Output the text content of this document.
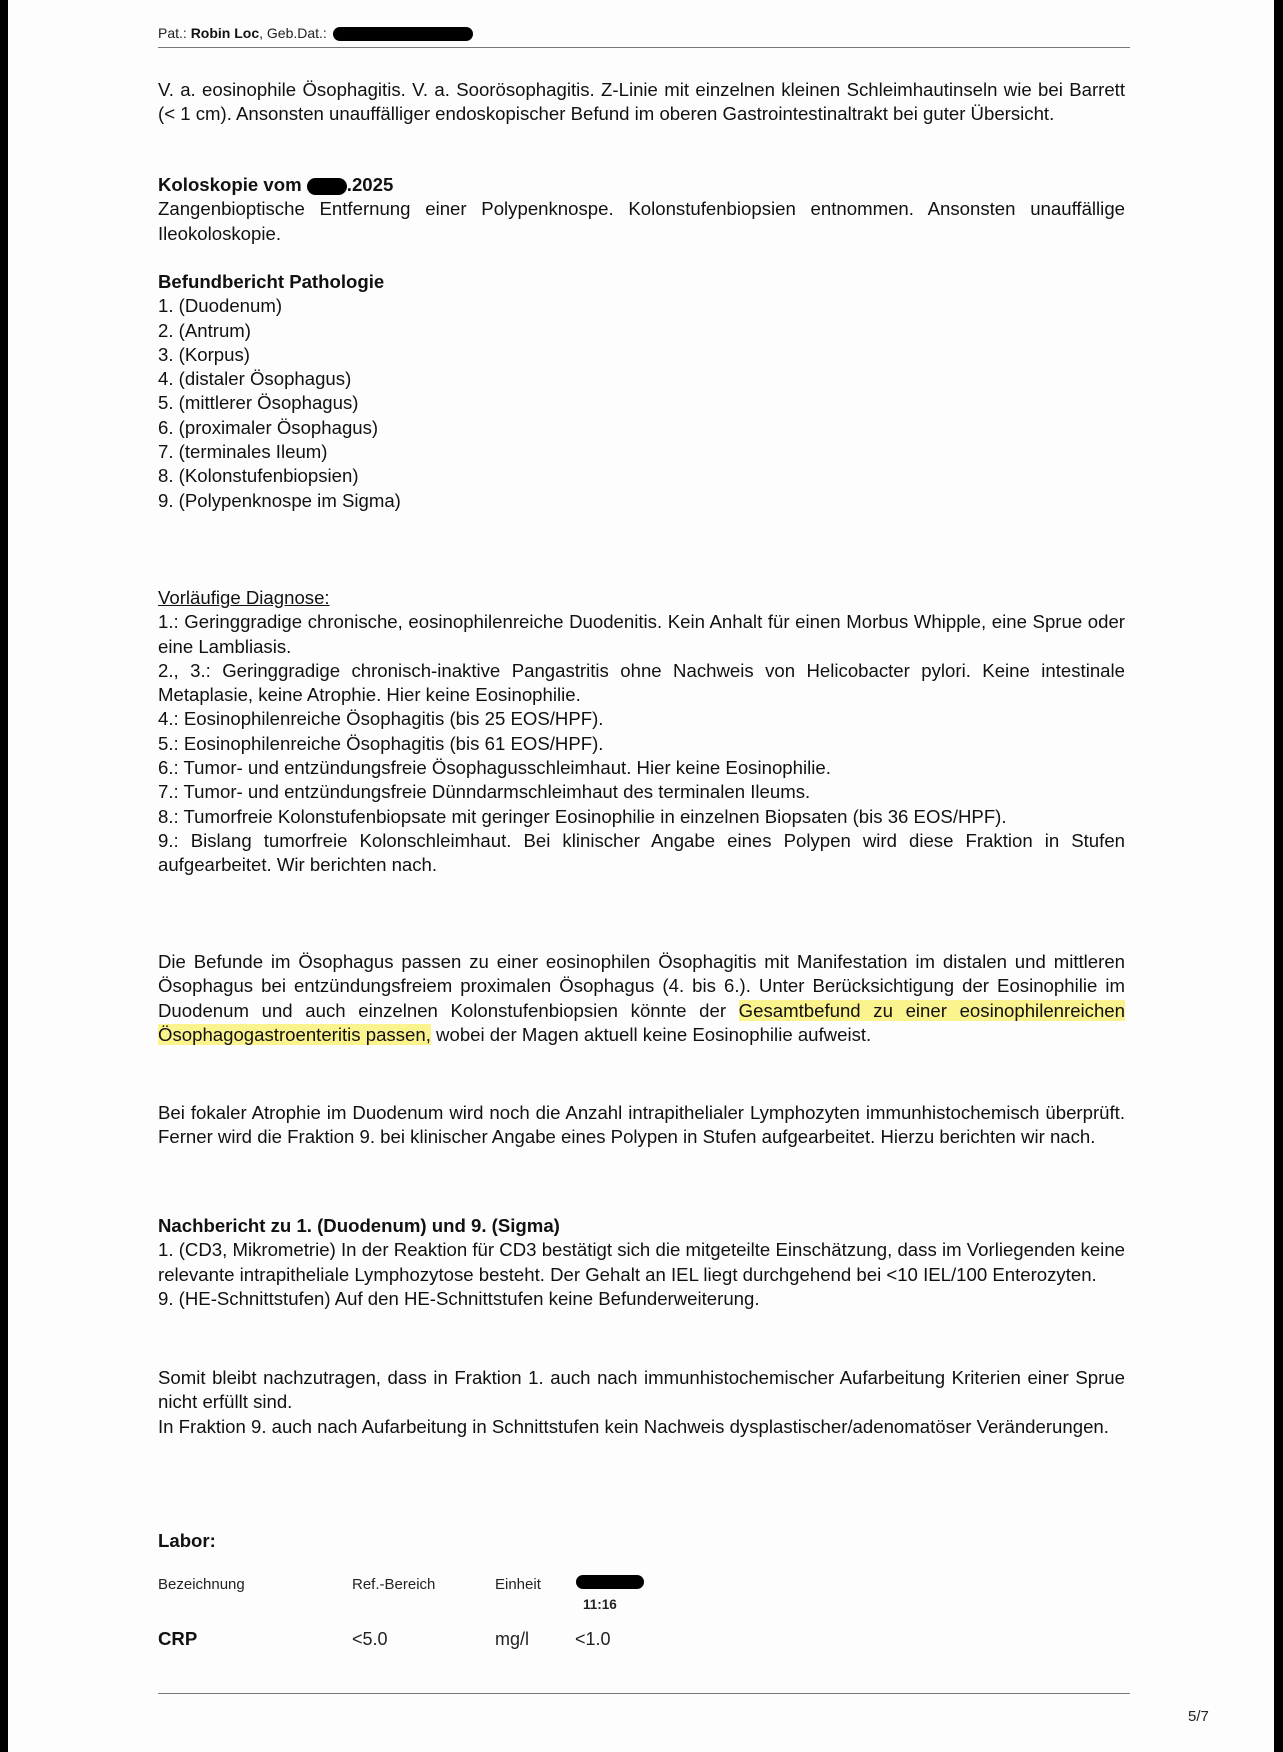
Pat.: Robin Loc, Geb.Dat.:

V. a. eosinophile Ösophagitis. V. a. Soorösophagitis. Z-Linie mit einzelnen kleinen Schleimhautinseln wie bei Barrett (< 1 cm). Ansonsten unauffälliger endoskopischer Befund im oberen Gastrointestinaltrakt bei guter Übersicht.

Koloskopie vom .2025

Zangenbioptische Entfernung einer Polypenknospe. Kolonstufenbiopsien entnommen. Ansonsten unauffällige Ileokoloskopie.

Befundbericht Pathologie
1. (Duodenum)
2. (Antrum)
3. (Korpus)
4. (distaler Ösophagus)
5. (mittlerer Ösophagus)
6. (proximaler Ösophagus)
7. (terminales Ileum)
8. (Kolonstufenbiopsien)
9. (Polypenknospe im Sigma)
Vorläufige Diagnose:

1.: Geringgradige chronische, eosinophilenreiche Duodenitis. Kein Anhalt für einen Morbus Whipple, eine Sprue oder eine Lambliasis.

2., 3.: Geringgradige chronisch-inaktive Pangastritis ohne Nachweis von Helicobacter pylori. Keine intestinale Metaplasie, keine Atrophie. Hier keine Eosinophilie.

4.: Eosinophilenreiche Ösophagitis (bis 25 EOS/HPF).

5.: Eosinophilenreiche Ösophagitis (bis 61 EOS/HPF).

6.: Tumor- und entzündungsfreie Ösophagusschleimhaut. Hier keine Eosinophilie.

7.: Tumor- und entzündungsfreie Dünndarmschleimhaut des terminalen Ileums.

8.: Tumorfreie Kolonstufenbiopsate mit geringer Eosinophilie in einzelnen Biopsaten (bis 36 EOS/HPF).

9.: Bislang tumorfreie Kolonschleimhaut. Bei klinischer Angabe eines Polypen wird diese Fraktion in Stufen aufgearbeitet. Wir berichten nach.

Die Befunde im Ösophagus passen zu einer eosinophilen Ösophagitis mit Manifestation im distalen und mittleren Ösophagus bei entzündungsfreiem proximalen Ösophagus (4. bis 6.). Unter Berücksichtigung der Eosinophilie im Duodenum und auch einzelnen Kolonstufenbiopsien könnte der Gesamtbefund zu einer eosinophilenreichen Ösophagogastroenteritis passen, wobei der Magen aktuell keine Eosinophilie aufweist.

Bei fokaler Atrophie im Duodenum wird noch die Anzahl intrapithelialer Lymphozyten immunhistochemisch überprüft. Ferner wird die Fraktion 9. bei klinischer Angabe eines Polypen in Stufen aufgearbeitet. Hierzu berichten wir nach.

Nachbericht zu 1. (Duodenum) und 9. (Sigma)

1. (CD3, Mikrometrie) In der Reaktion für CD3 bestätigt sich die mitgeteilte Einschätzung, dass im Vorliegenden keine relevante intrapitheliale Lymphozytose besteht. Der Gehalt an IEL liegt durchgehend bei <10 IEL/100 Enterozyten.

9. (HE-Schnittstufen) Auf den HE-Schnittstufen keine Befunderweiterung.

Somit bleibt nachzutragen, dass in Fraktion 1. auch nach immunhistochemischer Aufarbeitung Kriterien einer Sprue nicht erfüllt sind.

In Fraktion 9. auch nach Aufarbeitung in Schnittstufen kein Nachweis dysplastischer/adenomatöser Veränderungen.

Labor:
Bezeichnung	Ref.-Bereich	Einheit
11:16
CRP	<5.0	mg/l	<1.0
5/7
